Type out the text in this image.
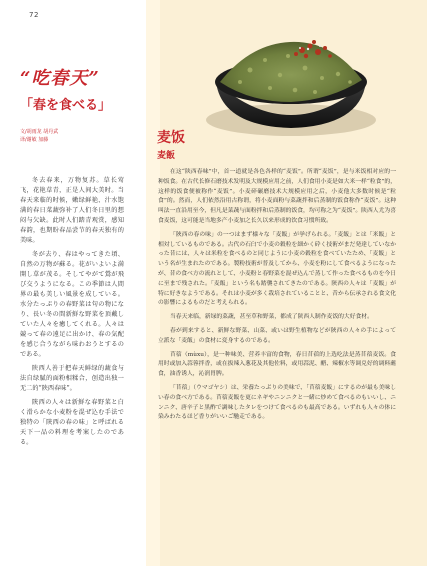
72
“吃春天”
「春を食べる」
文/胡雨龙 胡丹武
译/谢敏 加藤

冬去春来，万物复苏。草长莺飞，花艳草青，正是人间大美时。当春天来临的时候，嫩绿鲜艳、汁水饱满的春日菜蔬弥补了人们冬日里的想闷与欠缺。此时人们踏青观赏，感知春韵，也期盼春品尝节的春天独有的美味。

冬が去り、春はやってきた頃、自然の万物が蘇る。花がいよいよ満開し草が茂る。そしてやがて鶯が飛び交うようになる。この季節は人間界の最も美しい風景を成している。水分たっぷりの春野菜は句の物になり、長い冬の間新鮮な野菜を頂戴していた人々を癒してくれる。人々は競って春の遠足に出かけ、春の気配を感じ合うながら味わおうとするのである。

陕西人善于把春天鲜绿的蔬食与法自绿腻的面粉相糅合，创造出独一无二的“陕西春味”。

陝西の人々は新鮮な春野菜と白く滑らかな小麦粉を混ぜ込む手法で独特の「陝西の春の味」と呼ばれる天下一品の料理を考案したのである。

麦饭
麦飯

在这“陕西春味”中，首一道就是各色各样的“麦饭”。所谓“麦饭”，是与米饭相对应的一种饭食。在古代长修石磨技术发明及大规模应用之前，人们食用小麦是如大米一样“粒食”的，这样的饭食便被称作“麦饭”。小麦碎碾磨技术大规模应用之后，小麦他大多数时候是“粒食”的。然而，人们依然沿用古称谓，将小麦面粉与菜蔬拌和后蒸制的饭食称作“麦饭”。这种叫法一直沿用至今，但凡是菜蔬与面粉拌和后蒸制的饭食，均可称之为“麦饭”。陕西人尤为喜食麦饭，这可能是当地多产小麦加之长久以来形成的饮食习惯所致。

「陝西の春の味」の一つはまず様々な「麦飯」が挙げられる。「麦飯」とは「米飯」と相対しているものである。古代の石臼で小麦の穀粒を細かく砕く技術がまだ発達していなかった昔には、人々は米粒を食べるのと同じように小麦の穀粒を食べていたため、「麦飯」という名が生まれたのである。製粉技術が普及してから、小麦を粉にして食べるようになったが、昔の食べ方の流れとして、小麦粉と春野菜を混ぜ込んで蒸して作った食べるものを今日に至まで残された。「麦飯」という名も踏襲されてきたのである。陝西の人々は「麦飯」が特に好きなようである。それは小麦が多く栽培されていることと、昔から伝承される食文化の影響によるものだと考えられる。

当春天来临，新绿的菜蔬，甚至草和野菜，都成了陕西人制作麦饭的大好食材。

春が到来すると、新鮮な野菜、山菜、或いは野生植物などが陝西の人々の手によって立派な「麦飯」の食材に変身するのである。

苜蓿（mùxu），是一种味美、营养丰富的食物，春日苜蓿的上选吃法是蒸苜蓿麦饭。食用时或加入蒜蓉拌香，或在拔辣入葱花及其他佐料，或用蒜泥、醋、辣椒水等调兑好的调料蘸食，油香诱人，沁润胃脾。

「苜蓿」（ウマゴヤシ）は、栄養たっぷりの美味で、「苜蓿麦飯」にするのが最も美味しい春の食べ方である。苜蓿麦飯を更にネギやニンニクと一緒に炒めて食べるのもいいし、ニンニク、唐辛子と黒酢で調味したタレをつけて食べるのも最高である。いずれも人々の体に染みわたるほど香りがいいご馳走である。
